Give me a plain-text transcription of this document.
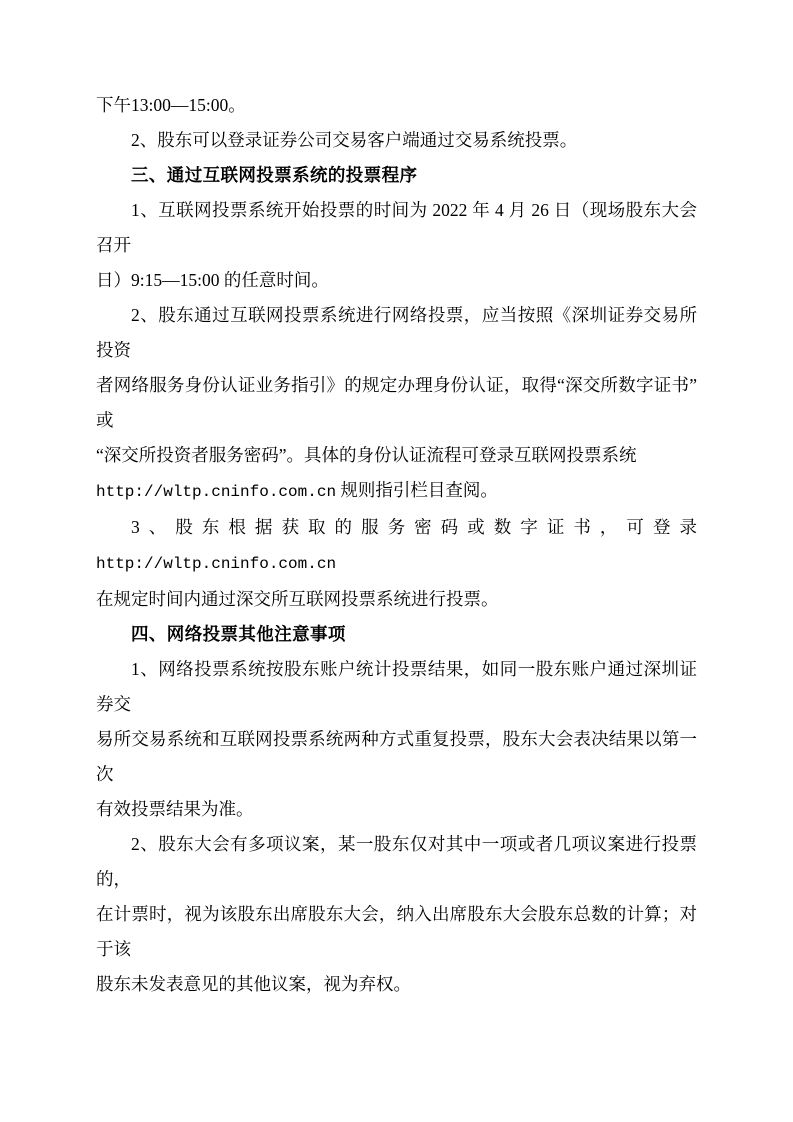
下午13:00—15:00。

2、股东可以登录证券公司交易客户端通过交易系统投票。

三、通过互联网投票系统的投票程序

1、互联网投票系统开始投票的时间为 2022 年 4 月 26 日（现场股东大会召开

日）9:15—15:00 的任意时间。

2、股东通过互联网投票系统进行网络投票，应当按照《深圳证券交易所投资

者网络服务身份认证业务指引》的规定办理身份认证，取得“深交所数字证书”或

“深交所投资者服务密码”。具体的身份认证流程可登录互联网投票系统

http://wltp.cninfo.com.cn 规则指引栏目查阅。

3、股东根据获取的服务密码或数字证书，可登录 http://wltp.cninfo.com.cn

在规定时间内通过深交所互联网投票系统进行投票。

四、网络投票其他注意事项

1、网络投票系统按股东账户统计投票结果，如同一股东账户通过深圳证券交

易所交易系统和互联网投票系统两种方式重复投票，股东大会表决结果以第一　次

有效投票结果为准。

2、股东大会有多项议案，某一股东仅对其中一项或者几项议案进行投票的，

在计票时，视为该股东出席股东大会，纳入出席股东大会股东总数的计算；对于该

股东未发表意见的其他议案，视为弃权。
